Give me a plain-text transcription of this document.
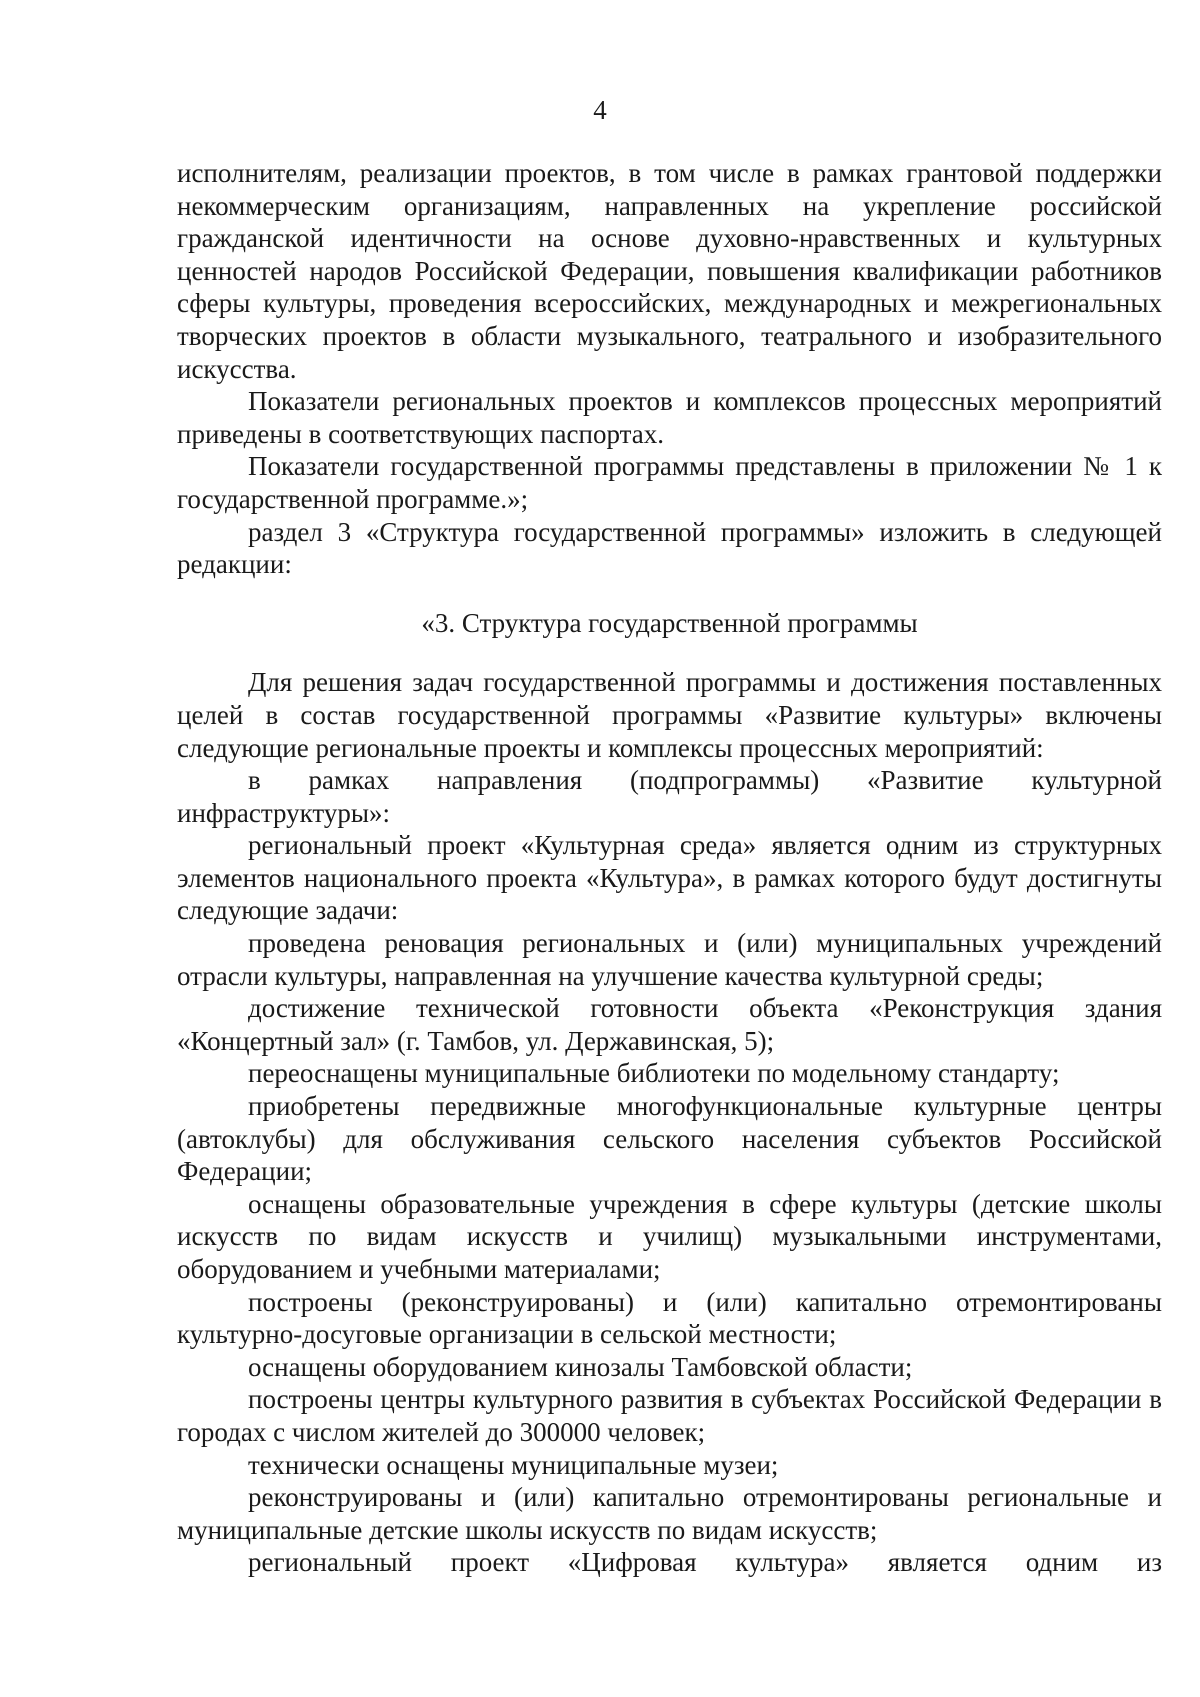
4

исполнителям, реализации проектов, в том числе в рамках грантовой поддержки некоммерческим организациям, направленных на укрепление российской гражданской идентичности на основе духовно-нравственных и культурных ценностей народов Российской Федерации, повышения квалификации работников сферы культуры, проведения всероссийских, международных и межрегиональных творческих проектов в области музыкального, театрального и изобразительного искусства.

Показатели региональных проектов и комплексов процессных мероприятий приведены в соответствующих паспортах.

Показатели государственной программы представлены в приложении № 1 к государственной программе.»;

раздел 3 «Структура государственной программы» изложить в следующей редакции:

«3. Структура государственной программы

Для решения задач государственной программы и достижения поставленных целей в состав государственной программы «Развитие культуры» включены следующие региональные проекты и комплексы процессных мероприятий:

в рамках направления (подпрограммы) «Развитие культурной инфраструктуры»:

региональный проект «Культурная среда» является одним из структурных элементов национального проекта «Культура», в рамках которого будут достигнуты следующие задачи:

проведена реновация региональных и (или) муниципальных учреждений отрасли культуры, направленная на улучшение качества культурной среды;

достижение технической готовности объекта «Реконструкция здания «Концертный зал» (г. Тамбов, ул. Державинская, 5);

переоснащены муниципальные библиотеки по модельному стандарту;

приобретены передвижные многофункциональные культурные центры (автоклубы) для обслуживания сельского населения субъектов Российской Федерации;

оснащены образовательные учреждения в сфере культуры (детские школы искусств по видам искусств и училищ) музыкальными инструментами, оборудованием и учебными материалами;

построены (реконструированы) и (или) капитально отремонтированы культурно-досуговые организации в сельской местности;

оснащены оборудованием кинозалы Тамбовской области;

построены центры культурного развития в субъектах Российской Федерации в городах с числом жителей до 300000 человек;

технически оснащены муниципальные музеи;

реконструированы и (или) капитально отремонтированы региональные и муниципальные детские школы искусств по видам искусств;

региональный проект «Цифровая культура» является одним из
